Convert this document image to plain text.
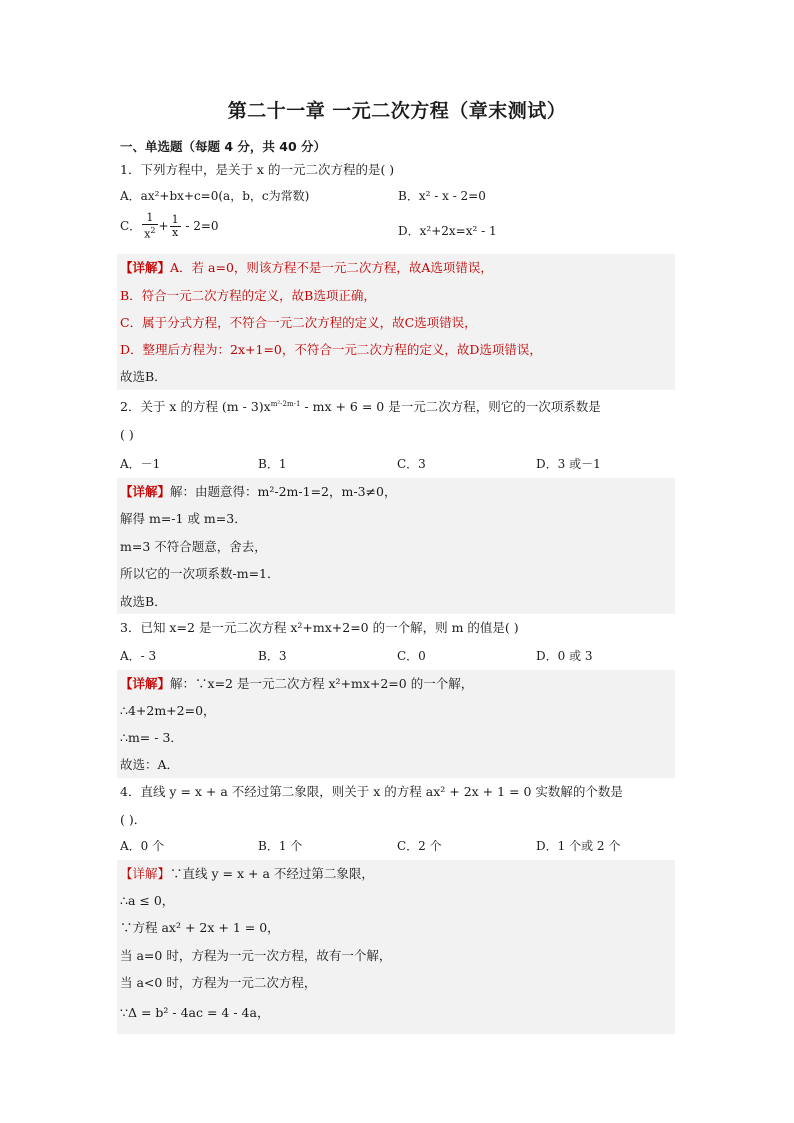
第二十一章 一元二次方程（章末测试）
一、单选题（每题 4 分，共 40 分）
1．下列方程中，是关于 x 的一元二次方程的是( )
A．ax²+bx+c=0(a，b，c为常数)	B．x² - x - 2=0
C． $\frac{1}{x^2} + \frac{1}{x} - 2=0$	D．x²+2x=x² - 1
【详解】A．若 a=0，则该方程不是一元二次方程，故A选项错误，
B．符合一元二次方程的定义，故B选项正确，
C．属于分式方程，不符合一元二次方程的定义，故C选项错误，
D．整理后方程为：2x+1=0，不符合一元二次方程的定义，故D选项错误，
故选B．
2．关于 x 的方程 $(m - 3)x^{m^2-2m-1}$ - mx + 6 = 0 是一元二次方程，则它的一次项系数是
( )
A．－1	B．1	C．3	D．3 或－1
【详解】解：由题意得：m²-2m-1=2，m-3≠0，
解得 m=-1 或 m=3．
m=3 不符合题意，舍去，
所以它的一次项系数-m=1．
故选B．
3．已知 x=2 是一元二次方程 x²+mx+2=0 的一个解，则 m 的值是( )
A．- 3	B．3	C．0	D．0 或 3
【详解】解：∵x=2 是一元二次方程 x²+mx+2=0 的一个解，
∴4+2m+2=0，
∴m= - 3．
故选：A．
4．直线 y = x + a 不经过第二象限，则关于 x 的方程 ax² + 2x + 1 = 0 实数解的个数是
( )．
A．0 个	B．1 个	C．2 个	D．1 个或 2 个
【详解】∵直线 y = x + a 不经过第二象限，
∴a ≤ 0，
∵方程 ax² + 2x + 1 = 0，
当 a=0 时，方程为一元一次方程，故有一个解，
当 a<0 时，方程为一元二次方程，
∵Δ = b² - 4ac = 4 - 4a，
